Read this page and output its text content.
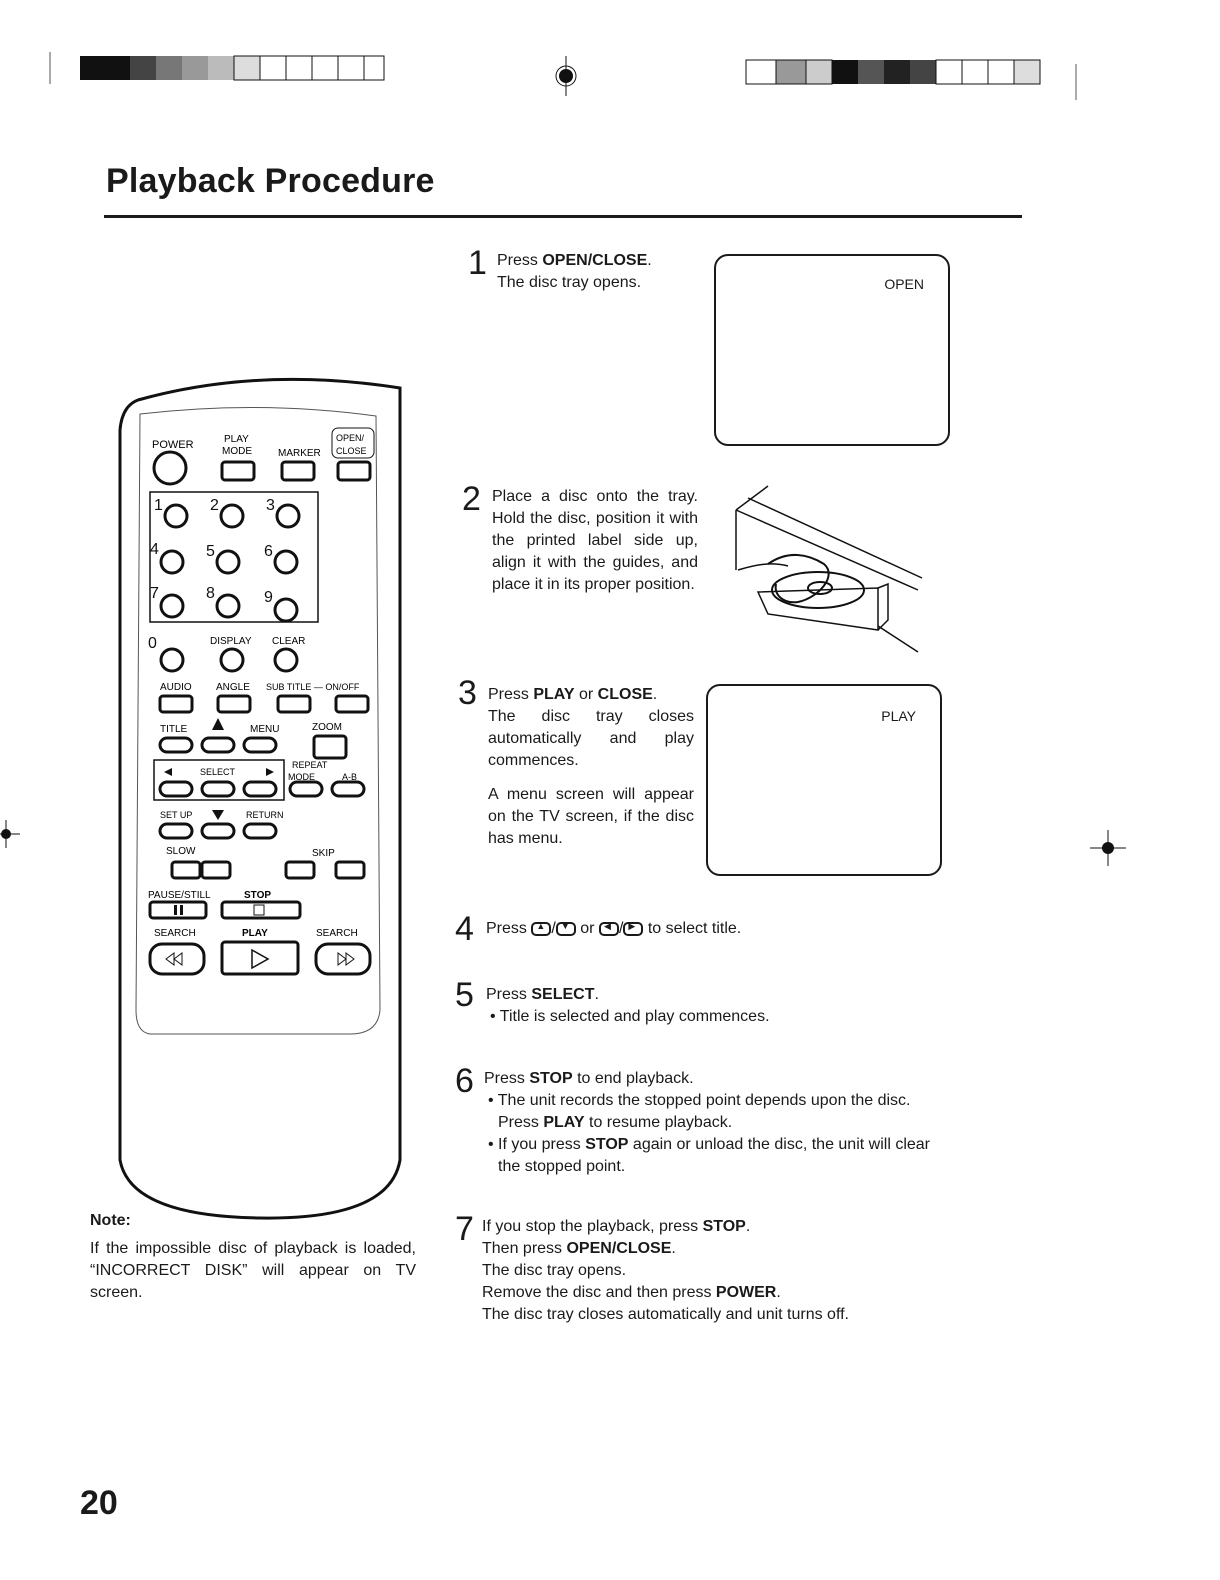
Playback Procedure
1 Press OPEN/CLOSE.
The disc tray opens.	OPEN
2 Place a disc onto the tray. Hold the disc, position it with the printed label side up, align it with the guides, and place it in its proper position.
3 Press PLAY or CLOSE.
The disc tray closes automatically and play commences.
A menu screen will appear on the TV screen, if the disc has menu.
PLAY
4 Press ▲ / ▼ or ◀ / ▶ to select title.
5 Press SELECT.
• Title is selected and play commences.
6 Press STOP to end playback.
• The unit records the stopped point depends upon the disc. Press PLAY to resume playback.
• If you press STOP again or unload the disc, the unit will clear the stopped point.
7 If you stop the playback, press STOP.
Then press OPEN/CLOSE.
The disc tray opens.
Remove the disc and then press POWER.
The disc tray closes automatically and unit turns off.
Note:
If the impossible disc of playback is loaded, “INCORRECT DISK” will appear on TV screen.
20
POWER	PLAY
MODE	MARKER
OPEN/
CLOSE
1	2	3
4	5	6
7	8	9
0	DISPLAY CLEAR
AUDIO ANGLE SUB TITLE — ON/OFF
TITLE	MENU	ZOOM
SELECT
REPEAT
MODE	A-B
SET UP	RETURN
SLOW	SKIP
PAUSE/STILL	STOP
SEARCH	PLAY	SEARCH
